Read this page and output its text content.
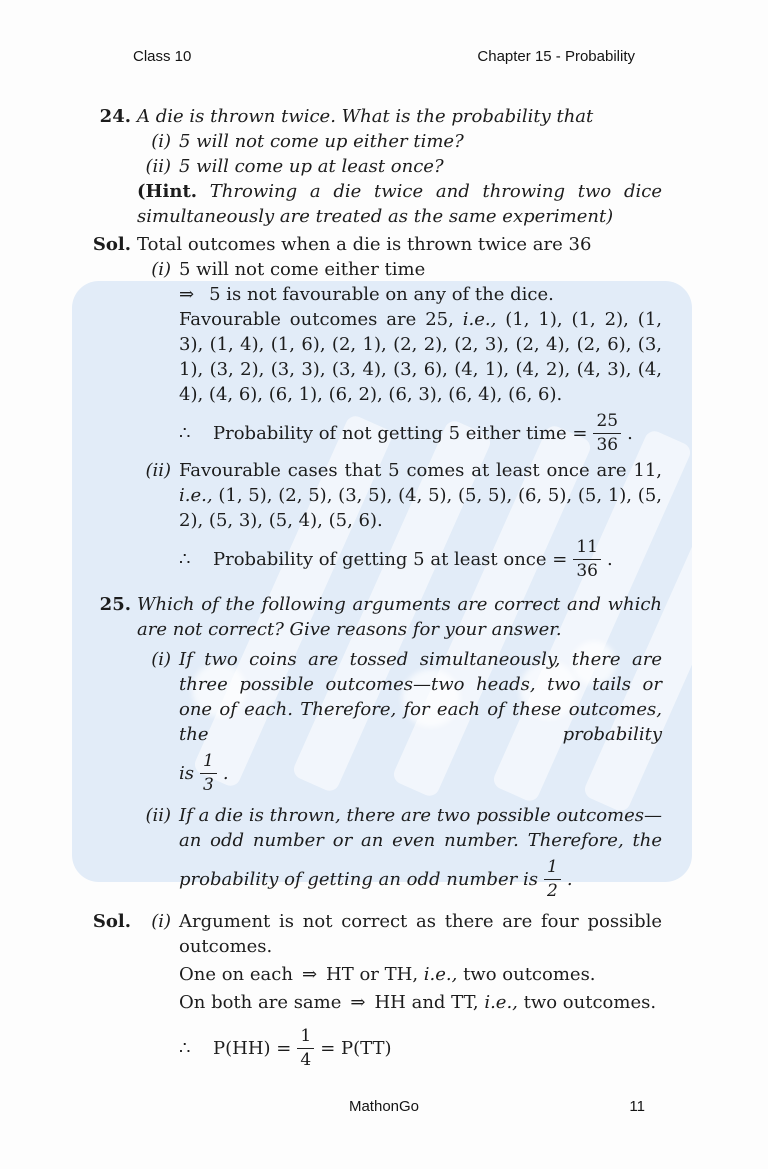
Class 10	Chapter 15 - Probability
24. A die is thrown twice. What is the probability that
(i) 5 will not come up either time?
(ii) 5 will come up at least once?
(Hint. Throwing a die twice and throwing two dice simultaneously are treated as the same experiment)
Sol. Total outcomes when a die is thrown twice are 36
(i) 5 will not come either time
⇒ 5 is not favourable on any of the dice.
Favourable outcomes are 25, i.e., (1, 1), (1, 2), (1, 3), (1, 4), (1, 6), (2, 1), (2, 2), (2, 3), (2, 4), (2, 6), (3, 1), (3, 2), (3, 3), (3, 4), (3, 6), (4, 1), (4, 2), (4, 3), (4, 4), (4, 6), (6, 1), (6, 2), (6, 3), (6, 4), (6, 6).
∴	Probability of not getting 5 either time = $\frac{25}{36}$ .
(ii) Favourable cases that 5 comes at least once are 11, i.e., (1, 5), (2, 5), (3, 5), (4, 5), (5, 5), (6, 5), (5, 1), (5, 2), (5, 3), (5, 4), (5, 6).
∴	Probability of getting 5 at least once = $\frac{11}{36}$ .
25. Which of the following arguments are correct and which are not correct? Give reasons for your answer.
(i) If two coins are tossed simultaneously, there are three possible outcomes—two heads, two tails or one of each. Therefore, for each of these outcomes, the probability
is $\frac{1}{3}$ .
(ii) If a die is thrown, there are two possible outcomes—an odd number or an even number. Therefore, the
probability of getting an odd number is $\frac{1}{2}$ .
Sol.	(i) Argument is not correct as there are four possible outcomes.
One on each ⇒ HT or TH, i.e., two outcomes.
On both are same ⇒ HH and TT, i.e., two outcomes.
∴	$P(HH) = \frac{1}{4} = P(TT)$
MathonGo	11
